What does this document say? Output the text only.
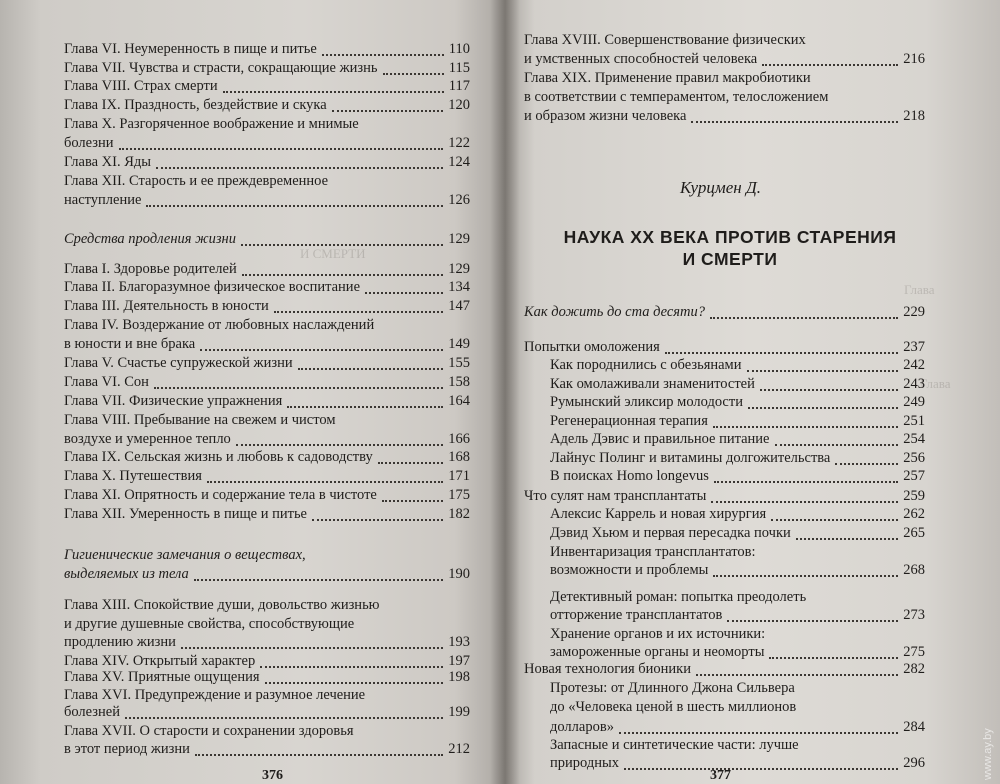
И СМЕРТИ
Глава
Глава
Глава VI. Неумеренность в пище и питье	110
Глава VII. Чувства и страсти, сокращающие жизнь	115
Глава VIII. Страх смерти	117
Глава IX. Праздность, бездействие и скука	120
Глава X. Разгоряченное воображение и мнимые
болезни	122
Глава XI. Яды	124
Глава XII. Старость и ее преждевременное
наступление	126
Средства продления жизни	129
Глава I. Здоровье родителей	129
Глава II. Благоразумное физическое воспитание	134
Глава III. Деятельность в юности	147
Глава IV. Воздержание от любовных наслаждений
в юности и вне брака	149
Глава V. Счастье супружеской жизни	155
Глава VI. Сон	158
Глава VII. Физические упражнения	164
Глава VIII. Пребывание на свежем и чистом
воздухе и умеренное тепло	166
Глава IX. Сельская жизнь и любовь к садоводству	168
Глава X. Путешествия	171
Глава XI. Опрятность и содержание тела в чистоте	175
Глава XII. Умеренность в пище и питье	182
Гигиенические замечания о веществах,
выделяемых из тела	190
Глава XIII. Спокойствие души, довольство жизнью
и другие душевные свойства, способствующие
продлению жизни	193
Глава XIV. Открытый характер	197
Глава XV. Приятные ощущения	198
Глава XVI. Предупреждение и разумное лечение
болезней	199
Глава XVII. О старости и сохранении здоровья
в этот период жизни	212
Глава XVIII. Совершенствование физических
и умственных способностей человека	216
Глава XIX. Применение правил макробиотики
в соответствии с темпераментом, телосложением
и образом жизни человека	218
Как дожить до ста десяти?	229
Попытки омоложения	237
Как породнились с обезьянами	242
Как омолаживали знаменитостей	243
Румынский эликсир молодости	249
Регенерационная терапия	251
Адель Дэвис и правильное питание	254
Лайнус Полинг и витамины долгожительства	256
В поисках Homo longevus	257
Что сулят нам трансплантаты	259
Алексис Каррель и новая хирургия	262
Дэвид Хьюм и первая пересадка почки	265
Инвентаризация трансплантатов:
возможности и проблемы	268
Детективный роман: попытка преодолеть
отторжение трансплантатов	273
Хранение органов и их источники:
замороженные органы и неоморты	275
Новая технология бионики	282
Протезы: от Длинного Джона Сильвера
до «Человека ценой в шесть миллионов
долларов»	284
Запасные и синтетические части: лучше
природных	296
Курцмен Д.
НАУКА XX ВЕКА ПРОТИВ СТАРЕНИЯ
И СМЕРТИ
376	377	www.ay.by
